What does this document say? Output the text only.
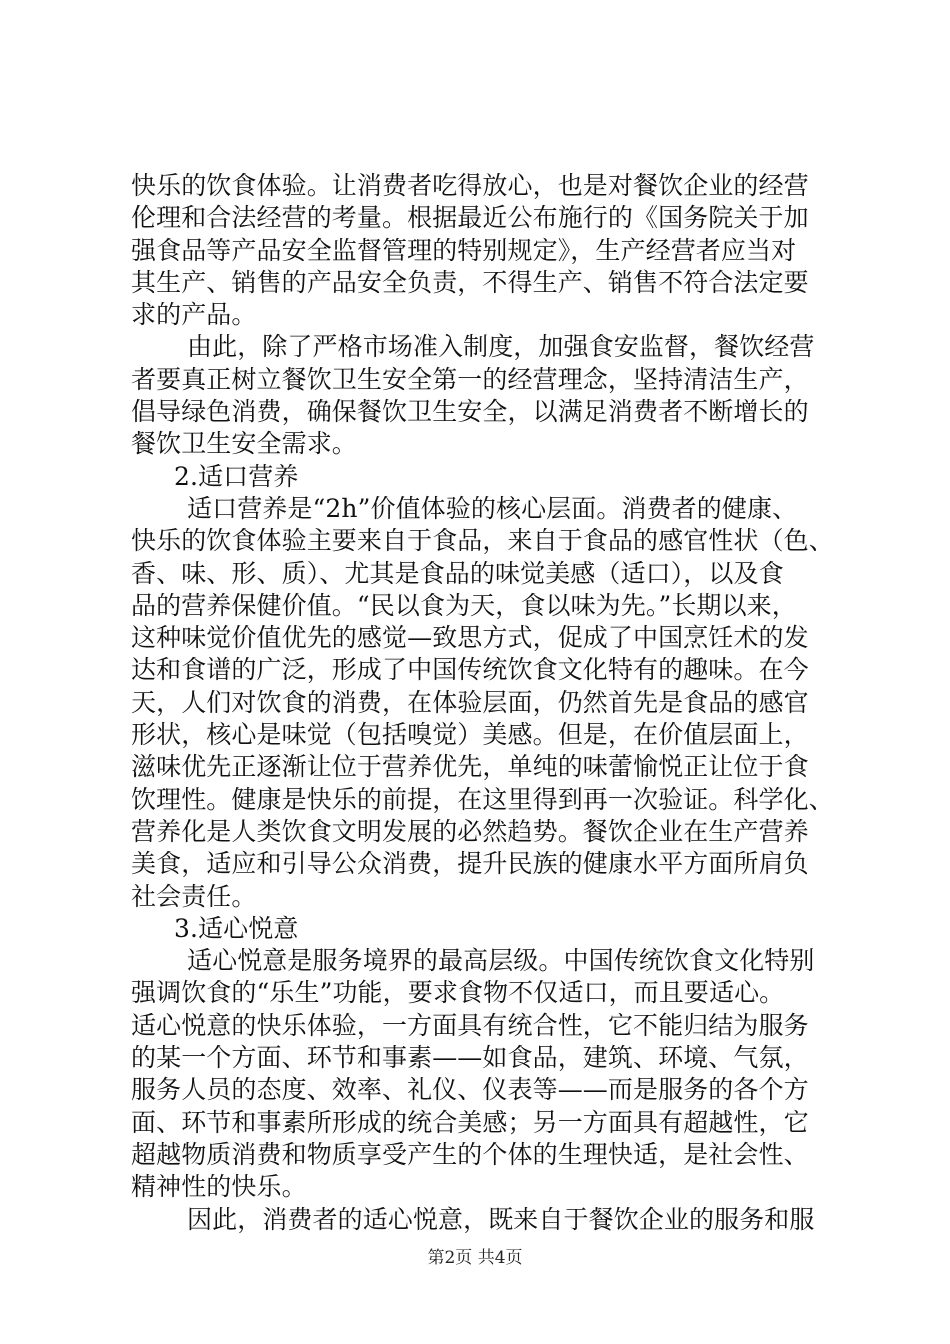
快乐的饮食体验。让消费者吃得放心，也是对餐饮企业的经营
伦理和合法经营的考量。根据最近公布施行的《国务院关于加
强食品等产品安全监督管理的特别规定》，生产经营者应当对
其生产、销售的产品安全负责，不得生产、销售不符合法定要
求的产品。
由此，除了严格市场准入制度，加强食安监督，餐饮经营
者要真正树立餐饮卫生安全第一的经营理念，坚持清洁生产，
倡导绿色消费，确保餐饮卫生安全，以满足消费者不断增长的
餐饮卫生安全需求。
2.适口营养
适口营养是“2h”价值体验的核心层面。消费者的健康、
快乐的饮食体验主要来自于食品，来自于食品的感官性状（色、
香、味、形、质）、尤其是食品的味觉美感（适口），以及食
品的营养保健价值。“民以食为天，食以味为先。”长期以来，
这种味觉价值优先的感觉—致思方式，促成了中国烹饪术的发
达和食谱的广泛，形成了中国传统饮食文化特有的趣味。在今
天，人们对饮食的消费，在体验层面，仍然首先是食品的感官
形状，核心是味觉（包括嗅觉）美感。但是，在价值层面上，
滋味优先正逐渐让位于营养优先，单纯的味蕾愉悦正让位于食
饮理性。健康是快乐的前提，在这里得到再一次验证。科学化、
营养化是人类饮食文明发展的必然趋势。餐饮企业在生产营养
美食，适应和引导公众消费，提升民族的健康水平方面所肩负
社会责任。
3.适心悦意
适心悦意是服务境界的最高层级。中国传统饮食文化特别
强调饮食的“乐生”功能，要求食物不仅适口，而且要适心。
适心悦意的快乐体验，一方面具有统合性，它不能归结为服务
的某一个方面、环节和事素——如食品，建筑、环境、气氛，
服务人员的态度、效率、礼仪、仪表等——而是服务的各个方
面、环节和事素所形成的统合美感；另一方面具有超越性，它
超越物质消费和物质享受产生的个体的生理快适，是社会性、
精神性的快乐。
因此，消费者的适心悦意，既来自于餐饮企业的服务和服
第2页 共4页
